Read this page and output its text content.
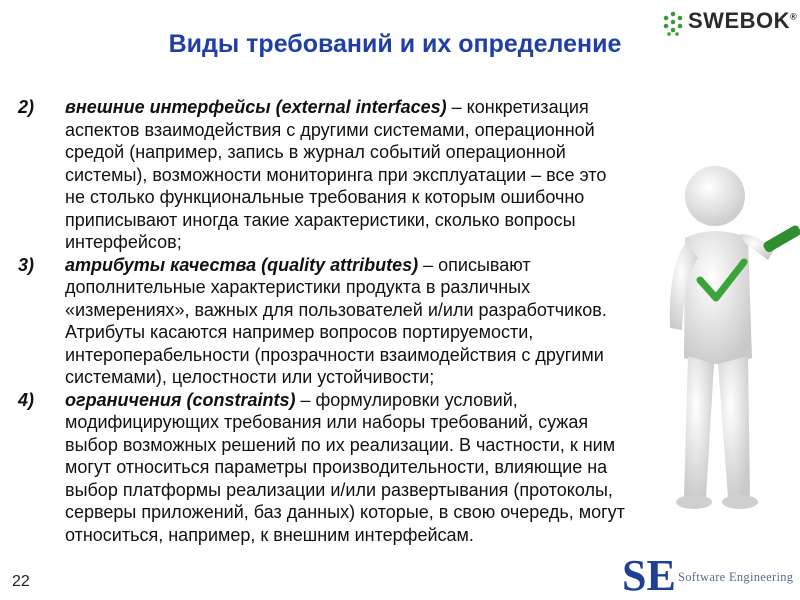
Виды требований и их определение
SWEBOK®
2) внешние интерфейсы (external interfaces) – конкретизация
аспектов взаимодействия с другими системами, операционной
средой (например, запись в журнал событий операционной
системы), возможности мониторинга при эксплуатации – все это
не столько функциональные требования к которым ошибочно
приписывают иногда такие характеристики, сколько вопросы
интерфейсов;
3) атрибуты качества (quality attributes) – описывают
дополнительные характеристики продукта в различных
«измерениях», важных для пользователей и/или разработчиков.
Атрибуты касаются например вопросов портируемости,
интероперабельности (прозрачности взаимодействия с другими
системами), целостности или устойчивости;
4) ограничения (constraints) – формулировки условий,
модифицирующих требования или наборы требований, сужая
выбор возможных решений по их реализации. В частности, к ним
могут относиться параметры производительности, влияющие на
выбор платформы реализации и/или развертывания (протоколы,
серверы приложений, баз данных) которые, в свою очередь, могут
относиться, например, к внешним интерфейсам.
22	SE Software Engineering
